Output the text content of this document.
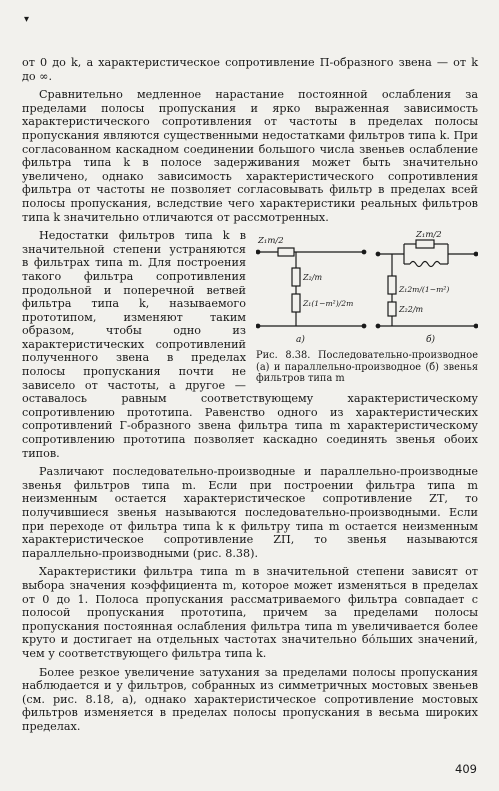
▾

от 0 до k, а характеристическое сопротивление П-образного звена — от k до ∞.

Сравнительно медленное нарастание постоянной ослабления за пределами полосы пропускания и ярко выраженная зависимость характеристического сопротивления от частоты в пределах полосы пропускания являются существенными недостатками фильтров типа k. При согласованном каскадном соединении большого числа звеньев ослабление фильтра типа k в полосе задерживания может быть значительно увеличено, однако зависимость характеристического сопротивления фильтра от частоты не позволяет согласовывать фильтр в пределах всей полосы пропускания, вследствие чего характеристики реальных фильтров типа k значительно отличаются от рассмотренных.

Z₁m/2
Z₂/m
Z₁(1−m²)/2m
а)
Z₁m/2
Z₁2m/(1−m²)
Z₂2/m
б)
Рис. 8.38. Последовательно-производное (а) и параллельно-производное (б) звенья фильтров типа m

Недостатки фильтров типа k в значительной степени устраняются в фильтрах типа m. Для построения такого фильтра сопротивления продольной и поперечной ветвей фильтра типа k, называемого прототипом, изменяют таким образом, чтобы одно из характеристических сопротивлений полученного звена в пределах полосы пропускания почти не зависело от частоты, а другое — оставалось равным соответствующему характеристическому сопротивлению прототипа. Равенство одного из характеристических сопротивлений Г-образного звена фильтра типа m характеристическому сопротивлению прототипа позволяет каскадно соединять звенья обоих типов.

Различают последовательно-производные и параллельно-производные звенья фильтров типа m. Если при построении фильтра типа m неизменным остается характеристическое сопротивление ZТ, то получившиеся звенья называются последовательно-производными. Если при переходе от фильтра типа k к фильтру типа m остается неизменным характеристическое сопротивление ZП, то звенья называются параллельно-производными (рис. 8.38).

Характеристики фильтра типа m в значительной степени зависят от выбора значения коэффициента m, которое может изменяться в пределах от 0 до 1. Полоса пропускания рассматриваемого фильтра совпадает с полосой пропускания прототипа, причем за пределами полосы пропускания постоянная ослабления фильтра типа m увеличивается более круто и достигает на отдельных частотах значительно бо́льших значений, чем у соответствующего фильтра типа k.

Более резкое увеличение затухания за пределами полосы пропускания наблюдается и у фильтров, собранных из симметричных мостовых звеньев (см. рис. 8.18, а), однако характеристическое сопротивление мостовых фильтров изменяется в пределах полосы пропускания в весьма широких пределах.

409
